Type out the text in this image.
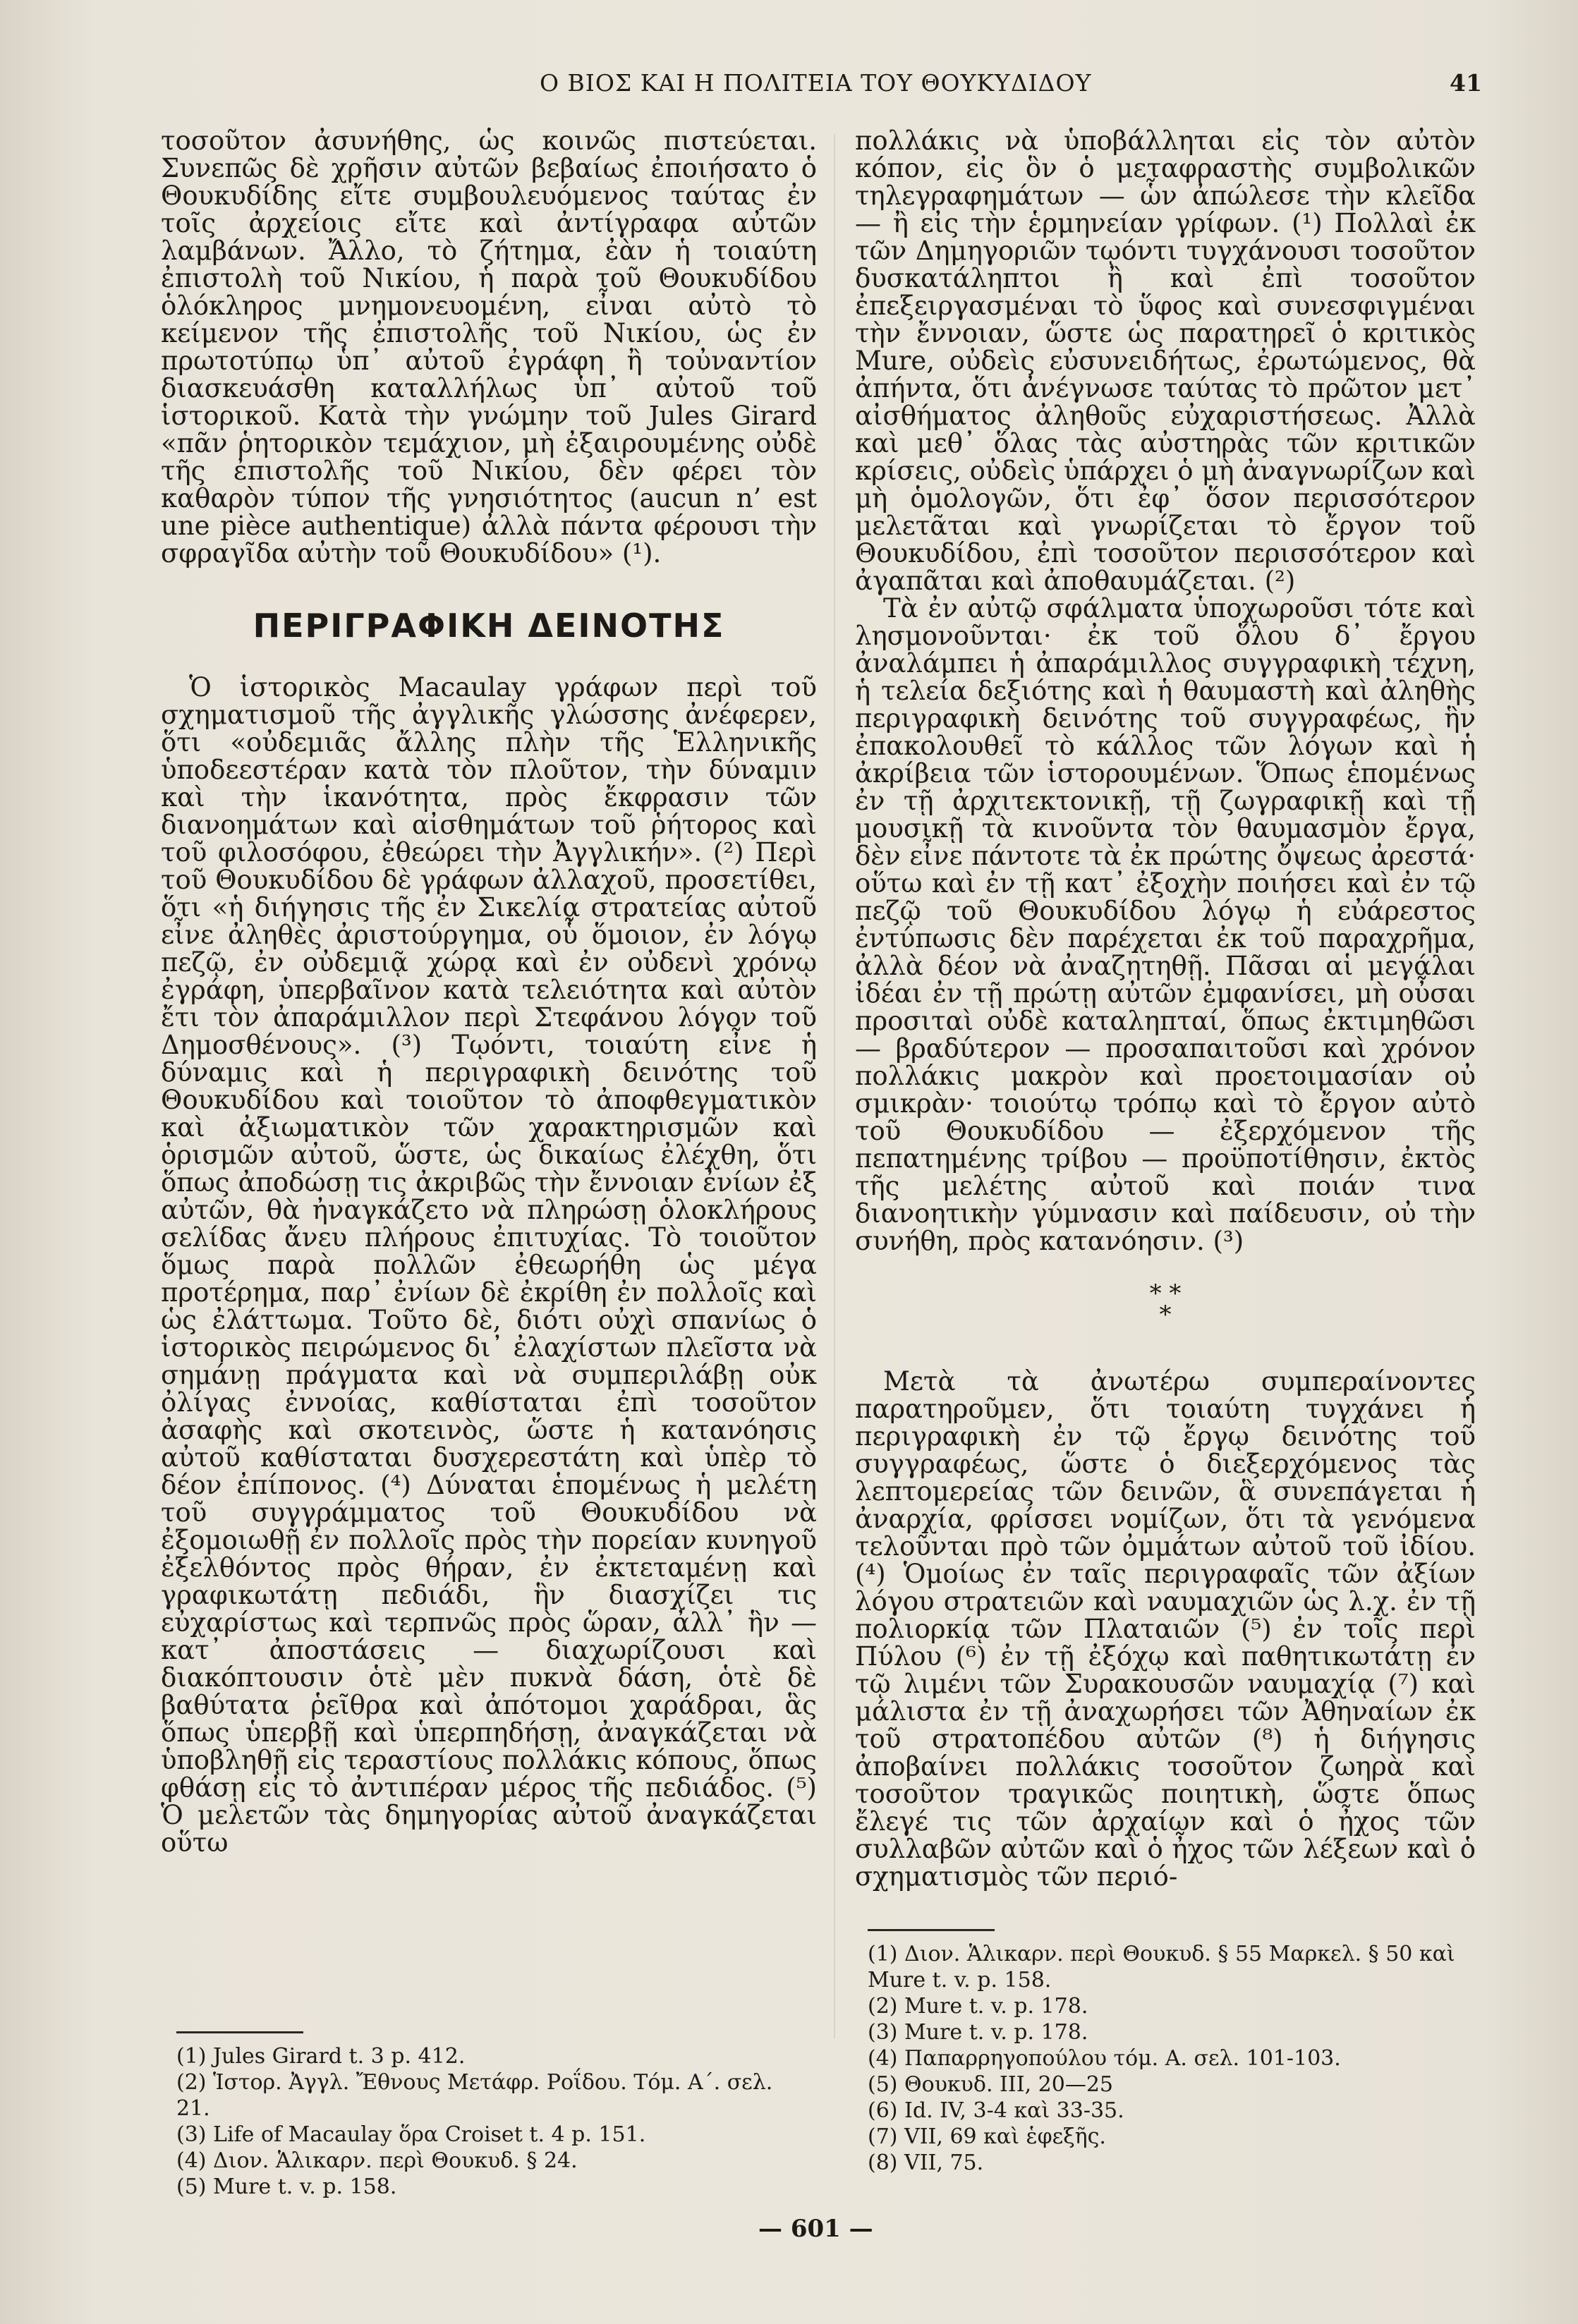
Ο ΒΙΟΣ ΚΑΙ Η ΠΟΛΙΤΕΙΑ ΤΟΥ ΘΟΥΚΥΔΙΔΟΥ	41

τοσοῦτον ἀσυνήθης, ὡς κοινῶς πιστεύεται. Συνεπῶς δὲ χρῆσιν αὐτῶν βεβαίως ἐποιήσατο ὁ Θουκυδίδης εἴτε συμβουλευόμενος ταύτας ἐν τοῖς ἀρχείοις εἴτε καὶ ἀντίγραφα αὐτῶν λαμβάνων. Ἄλλο, τὸ ζήτημα, ἐὰν ἡ τοιαύτη ἐπιστολὴ τοῦ Νικίου, ἡ παρὰ τοῦ Θουκυδίδου ὁλόκληρος μνημονευομένη, εἶναι αὐτὸ τὸ κείμενον τῆς ἐπιστολῆς τοῦ Νικίου, ὡς ἐν πρωτοτύπῳ ὑπ᾽ αὐτοῦ ἐγράφη ἢ τοὐναντίον διασκευάσθη καταλλήλως ὑπ᾽ αὐτοῦ τοῦ ἱστορικοῦ. Κατὰ τὴν γνώμην τοῦ Jules Girard «πᾶν ῥητορικὸν τεμάχιον, μὴ ἐξαιρουμένης οὐδὲ τῆς ἐπιστολῆς τοῦ Νικίου, δὲν φέρει τὸν καθαρὸν τύπον τῆς γνησιότητος (aucun n’ est une pièce authentique) ἀλλὰ πάντα φέρουσι τὴν σφραγῖδα αὐτὴν τοῦ Θουκυδίδου» (¹).

ΠΕΡΙΓΡΑΦΙΚΗ ΔΕΙΝΟΤΗΣ

Ὁ ἱστορικὸς Macaulay γράφων περὶ τοῦ σχηματισμοῦ τῆς ἀγγλικῆς γλώσσης ἀνέφερεν, ὅτι «οὐδεμιᾶς ἄλλης πλὴν τῆς Ἑλληνικῆς ὑποδεεστέραν κατὰ τὸν πλοῦτον, τὴν δύναμιν καὶ τὴν ἱκανότητα, πρὸς ἔκφρασιν τῶν διανοημάτων καὶ αἰσθημάτων τοῦ ῥήτορος καὶ τοῦ φιλοσόφου, ἐθεώρει τὴν Ἀγγλικήν». (²) Περὶ τοῦ Θουκυδίδου δὲ γράφων ἀλλαχοῦ, προσετίθει, ὅτι «ἡ διήγησις τῆς ἐν Σικελίᾳ στρατείας αὐτοῦ εἶνε ἀληθὲς ἀριστούργημα, οὗ ὅμοιον, ἐν λόγῳ πεζῷ, ἐν οὐδεμιᾷ χώρᾳ καὶ ἐν οὐδενὶ χρόνῳ ἐγράφη, ὑπερβαῖνον κατὰ τελειότητα καὶ αὐτὸν ἔτι τὸν ἀπαράμιλλον περὶ Στεφάνου λόγον τοῦ Δημοσθένους». (³) Τῳόντι, τοιαύτη εἶνε ἡ δύναμις καὶ ἡ περιγραφικὴ δεινότης τοῦ Θουκυδίδου καὶ τοιοῦτον τὸ ἀποφθεγματικὸν καὶ ἀξιωματικὸν τῶν χαρακτηρισμῶν καὶ ὁρισμῶν αὐτοῦ, ὥστε, ὡς δικαίως ἐλέχθη, ὅτι ὅπως ἀποδώσῃ τις ἀκριβῶς τὴν ἔννοιαν ἐνίων ἐξ αὐτῶν, θὰ ἠναγκάζετο νὰ πληρώσῃ ὁλοκλήρους σελίδας ἄνευ πλήρους ἐπιτυχίας. Τὸ τοιοῦτον ὅμως παρὰ πολλῶν ἐθεωρήθη ὡς μέγα προτέρημα, παρ᾽ ἐνίων δὲ ἐκρίθη ἐν πολλοῖς καὶ ὡς ἐλάττωμα. Τοῦτο δὲ, διότι οὐχὶ σπανίως ὁ ἱστορικὸς πειρώμενος δι᾽ ἐλαχίστων πλεῖστα νὰ σημάνῃ πράγματα καὶ νὰ συμπεριλάβῃ οὐκ ὀλίγας ἐννοίας, καθίσταται ἐπὶ τοσοῦτον ἀσαφὴς καὶ σκοτεινὸς, ὥστε ἡ κατανόησις αὐτοῦ καθίσταται δυσχερεστάτη καὶ ὑπὲρ τὸ δέον ἐπίπονος. (⁴) Δύναται ἑπομένως ἡ μελέτη τοῦ συγγράμματος τοῦ Θουκυδίδου νὰ ἐξομοιωθῇ ἐν πολλοῖς πρὸς τὴν πορείαν κυνηγοῦ ἐξελθόντος πρὸς θήραν, ἐν ἐκτεταμένῃ καὶ γραφικωτάτῃ πεδιάδι, ἣν διασχίζει τις εὐχαρίστως καὶ τερπνῶς πρὸς ὥραν, ἀλλ᾽ ἣν — κατ᾽ ἀποστάσεις — διαχωρίζουσι καὶ διακόπτουσιν ὁτὲ μὲν πυκνὰ δάση, ὁτὲ δὲ βαθύτατα ῥεῖθρα καὶ ἀπότομοι χαράδραι, ἃς ὅπως ὑπερβῇ καὶ ὑπερπηδήσῃ, ἀναγκάζεται νὰ ὑποβληθῇ εἰς τεραστίους πολλάκις κόπους, ὅπως φθάσῃ εἰς τὸ ἀντιπέραν μέρος τῆς πεδιάδος. (⁵) Ὁ μελετῶν τὰς δημηγορίας αὐτοῦ ἀναγκάζεται οὕτω

πολλάκις νὰ ὑποβάλληται εἰς τὸν αὐτὸν κόπον, εἰς ὃν ὁ μεταφραστὴς συμβολικῶν τηλεγραφημάτων — ὧν ἀπώλεσε τὴν κλεῖδα — ἢ εἰς τὴν ἑρμηνείαν γρίφων. (¹) Πολλαὶ ἐκ τῶν Δημηγοριῶν τῳόντι τυγχάνουσι τοσοῦτον δυσκατάληπτοι ἢ καὶ ἐπὶ τοσοῦτον ἐπεξειργασμέναι τὸ ὕφος καὶ συνεσφιγμέναι τὴν ἔννοιαν, ὥστε ὡς παρατηρεῖ ὁ κριτικὸς Mure, οὐδεὶς εὐσυνειδήτως, ἐρωτώμενος, θὰ ἀπήντα, ὅτι ἀνέγνωσε ταύτας τὸ πρῶτον μετ᾽ αἰσθήματος ἀληθοῦς εὐχαριστήσεως. Ἀλλὰ καὶ μεθ᾽ ὅλας τὰς αὐστηρὰς τῶν κριτικῶν κρίσεις, οὐδεὶς ὑπάρχει ὁ μὴ ἀναγνωρίζων καὶ μὴ ὁμολογῶν, ὅτι ἐφ᾽ ὅσον περισσότερον μελετᾶται καὶ γνωρίζεται τὸ ἔργον τοῦ Θουκυδίδου, ἐπὶ τοσοῦτον περισσότερον καὶ ἀγαπᾶται καὶ ἀποθαυμάζεται. (²)

Τὰ ἐν αὐτῷ σφάλματα ὑποχωροῦσι τότε καὶ λησμονοῦνται· ἐκ τοῦ ὅλου δ᾽ ἔργου ἀναλάμπει ἡ ἀπαράμιλλος συγγραφικὴ τέχνη, ἡ τελεία δεξιότης καὶ ἡ θαυμαστὴ καὶ ἀληθὴς περιγραφικὴ δεινότης τοῦ συγγραφέως, ἣν ἐπακολουθεῖ τὸ κάλλος τῶν λόγων καὶ ἡ ἀκρίβεια τῶν ἱστορουμένων. Ὅπως ἑπομένως ἐν τῇ ἀρχιτεκτονικῇ, τῇ ζωγραφικῇ καὶ τῇ μουσικῇ τὰ κινοῦντα τὸν θαυμασμὸν ἔργα, δὲν εἶνε πάντοτε τὰ ἐκ πρώτης ὄψεως ἀρεστά· οὕτω καὶ ἐν τῇ κατ᾽ ἐξοχὴν ποιήσει καὶ ἐν τῷ πεζῷ τοῦ Θουκυδίδου λόγῳ ἡ εὐάρεστος ἐντύπωσις δὲν παρέχεται ἐκ τοῦ παραχρῆμα, ἀλλὰ δέον νὰ ἀναζητηθῇ. Πᾶσαι αἱ μεγάλαι ἰδέαι ἐν τῇ πρώτῃ αὐτῶν ἐμφανίσει, μὴ οὖσαι προσιταὶ οὐδὲ καταληπταί, ὅπως ἐκτιμηθῶσι — βραδύτερον — προσαπαιτοῦσι καὶ χρόνον πολλάκις μακρὸν καὶ προετοιμασίαν οὐ σμικρὰν· τοιούτῳ τρόπῳ καὶ τὸ ἔργον αὐτὸ τοῦ Θουκυδίδου — ἐξερχόμενον τῆς πεπατημένης τρίβου — προϋποτίθησιν, ἐκτὸς τῆς μελέτης αὐτοῦ καὶ ποιάν τινα διανοητικὴν γύμνασιν καὶ παίδευσιν, οὐ τὴν συνήθη, πρὸς κατανόησιν. (³)

* *
*

Μετὰ τὰ ἀνωτέρω συμπεραίνοντες παρατηροῦμεν, ὅτι τοιαύτη τυγχάνει ἡ περιγραφικὴ ἐν τῷ ἔργῳ δεινότης τοῦ συγγραφέως, ὥστε ὁ διεξερχόμενος τὰς λεπτομερείας τῶν δεινῶν, ἃ συνεπάγεται ἡ ἀναρχία, φρίσσει νομίζων, ὅτι τὰ γενόμενα τελοῦνται πρὸ τῶν ὀμμάτων αὐτοῦ τοῦ ἰδίου. (⁴) Ὁμοίως ἐν ταῖς περιγραφαῖς τῶν ἀξίων λόγου στρατειῶν καὶ ναυμαχιῶν ὡς λ.χ. ἐν τῇ πολιορκίᾳ τῶν Πλαταιῶν (⁵) ἐν τοῖς περὶ Πύλου (⁶) ἐν τῇ ἐξόχῳ καὶ παθητικωτάτῃ ἐν τῷ λιμένι τῶν Συρακουσῶν ναυμαχίᾳ (⁷) καὶ μάλιστα ἐν τῇ ἀναχωρήσει τῶν Ἀθηναίων ἐκ τοῦ στρατοπέδου αὐτῶν (⁸) ἡ διήγησις ἀποβαίνει πολλάκις τοσοῦτον ζωηρὰ καὶ τοσοῦτον τραγικῶς ποιητικὴ, ὥστε ὅπως ἔλεγέ τις τῶν ἀρχαίων καὶ ὁ ἦχος τῶν συλλαβῶν αὐτῶν καὶ ὁ ἦχος τῶν λέξεων καὶ ὁ σχηματισμὸς τῶν περιό-

(1) Jules Girard t. 3 p. 412.
(2) Ἱστορ. Ἀγγλ. Ἔθνους Μετάφρ. Ροΐδου. Τόμ. Α΄. σελ. 21.
(3) Life of Macaulay ὅρα Croiset t. 4 p. 151.
(4) Διον. Ἁλικαρν. περὶ Θουκυδ. § 24.
(5) Mure t. v. p. 158.
(1) Διον. Ἁλικαρν. περὶ Θουκυδ. § 55 Μαρκελ. § 50 καὶ Mure t. v. p. 158.
(2) Mure t. v. p. 178.
(3) Mure t. v. p. 178.
(4) Παπαρρηγοπούλου τόμ. Α. σελ. 101-103.
(5) Θουκυδ. III, 20—25
(6) Id. IV, 3-4 καὶ 33-35.
(7) VII, 69 καὶ ἑφεξῆς.
(8) VII, 75.
— 601 —
